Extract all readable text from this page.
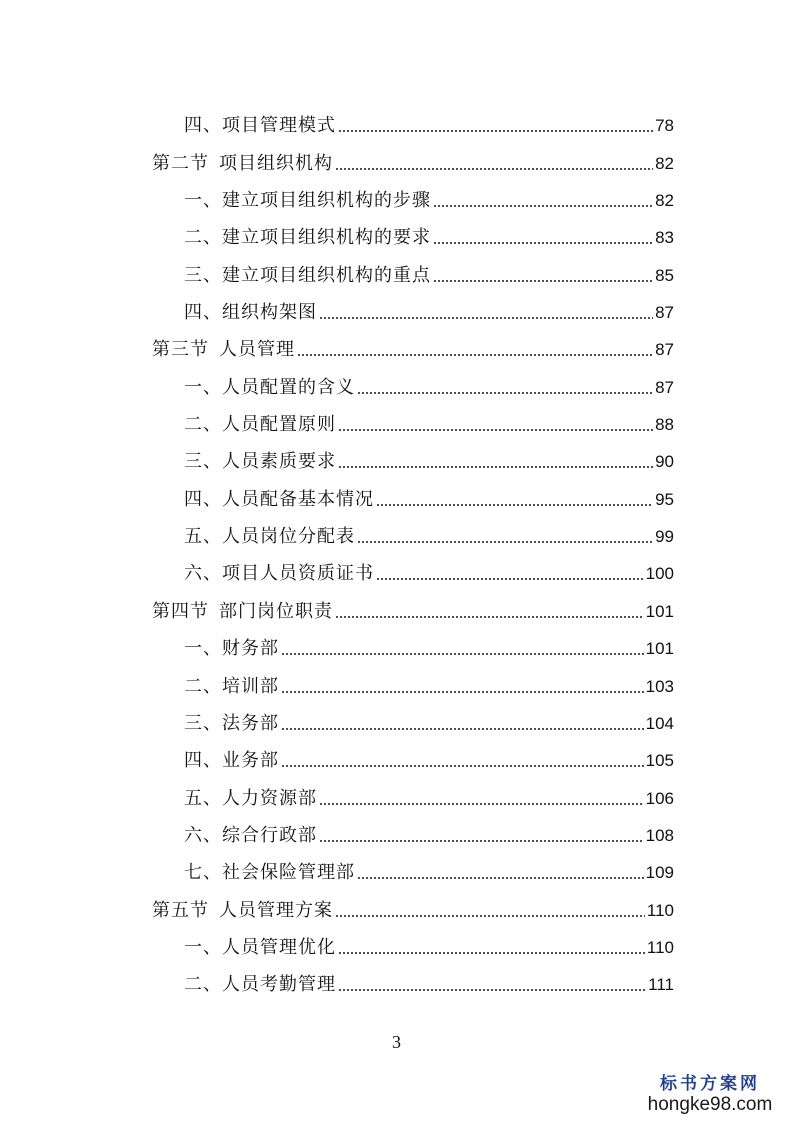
四、项目管理模式	78
第二节 项目组织机构	82
一、建立项目组织机构的步骤	82
二、建立项目组织机构的要求	83
三、建立项目组织机构的重点	85
四、组织构架图	87
第三节 人员管理	87
一、人员配置的含义	87
二、人员配置原则	88
三、人员素质要求	90
四、人员配备基本情况	95
五、人员岗位分配表	99
六、项目人员资质证书	100
第四节 部门岗位职责	101
一、财务部	101
二、培训部	103
三、法务部	104
四、业务部	105
五、人力资源部	106
六、综合行政部	108
七、社会保险管理部	109
第五节 人员管理方案	110
一、人员管理优化	110
二、人员考勤管理	111
3
标书方案网
hongke98.com
